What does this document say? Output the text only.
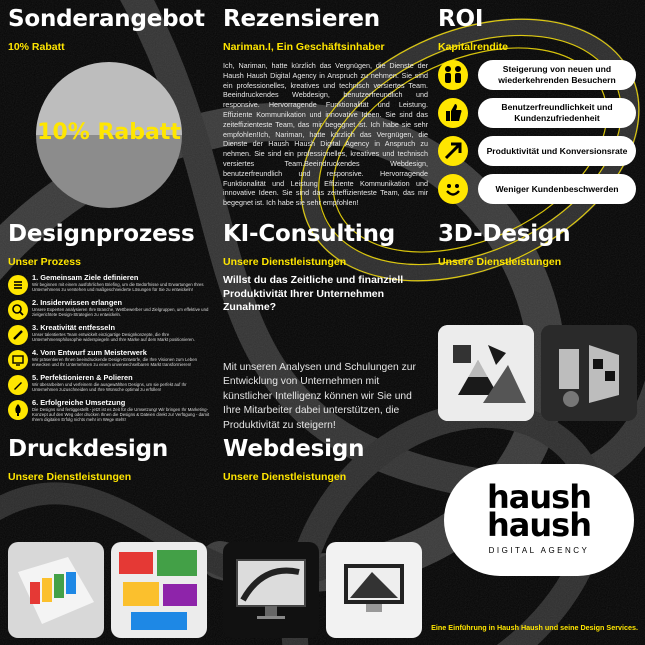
Sonderangebot
10% Rabatt
10% Rabatt
Rezensieren
Nariman.I, Ein Geschäftsinhaber
Ich, Nariman, hatte kürzlich das Vergnügen, die Dienste der Haush Haush Digital Agency in Anspruch zu nehmen. Sie sind ein professionelles, kreatives und technisch versiertes Team. Beeindruckendes Webdesign, benutzerfreundlich und responsive. Hervorragende Funktionalität und Leistung. Effiziente Kommunikation und innovative Ideen. Sie sind das zeiteffizienteste Team, das mir begegnet ist. Ich habe sie sehr empfohlen!Ich, Nariman, hatte kürzlich das Vergnügen, die Dienste der Haush Haush Digital Agency in Anspruch zu nehmen. Sie sind ein professionelles, kreatives und technisch versiertes Team.Beeindruckendes Webdesign, benutzerfreundlich und responsive. Hervorragende Funktionalität und Leistung Effiziente Kommunikation und innovative Ideen. Sie sind das zeiteffizienteste Team, das mir begegnet ist. Ich habe sie sehr empfohlen!
ROI
Kapitalrendite
Steigerung von neuen und wiederkehrenden Besuchern
Benutzerfreundlichkeit und Kundenzufriedenheit
Produktivität und Konversionsrate
Weniger Kundenbeschwerden
Designprozess
Unser Prozess
1. Gemeinsam Ziele definieren
Wir beginnen mit einem ausführlichen Briefing, um die Bedürfnisse und Erwartungen Ihres Unternehmens zu verstehen und maßgeschneiderte Lösungen für Sie zu entwickeln!
2. Insiderwissen erlangen
Unsere Experten analysieren Ihre Branche, Wettbewerber und Zielgruppen, um effektive und zielgerichtete Design-Strategien zu entwickeln.
3. Kreativität entfesseln
Unser talentiertes Team entwickelt einzigartige Designkonzepte, die Ihre Unternehmensphilosophie widerspiegeln und Ihre Marke auf dem Markt positionieren.
4. Vom Entwurf zum Meisterwerk
Wir präsentieren Ihnen beeindruckende Design-Entwürfe, die Ihre Visionen zum Leben erwecken und Ihr Unternehmen zu einem unverwechselbaren Markt transformieren!
5. Perfektionieren & Polieren
Wir überarbeiten und verfeinern die ausgewählten Designs, um sie perfekt auf Ihr Unternehmen zuzuschneiden und Ihre Wünsche optimal zu erfüllen!
6. Erfolgreiche Umsetzung
Die Designs sind fertiggestellt - jetzt ist es Zeit für die Umsetzung! Wir bringen Ihr Marketing-Konzept auf den Weg oder drucken Ihnen die Designs & Dateien direkt zur Verfügung - damit Ihrem digitalen Erfolg nichts mehr im Wege steht!
KI-Consulting
Unsere Dienstleistungen
Willst du das Zeitliche und finanziell Produktivität Ihrer Unternehmen Zunahme?
Mit unseren Analysen und Schulungen zur Entwicklung von Unternehmen mit künstlicher Intelligenz können wir Sie und Ihre Mitarbeiter dabei unterstützen, die Produktivität zu steigern!
3D-Design
Unsere Dienstleistungen
Druckdesign
Unsere Dienstleistungen
Webdesign
Unsere Dienstleistungen
haush
haush
DIGITAL AGENCY
Eine Einführung in Haush Haush und seine Design Services.
